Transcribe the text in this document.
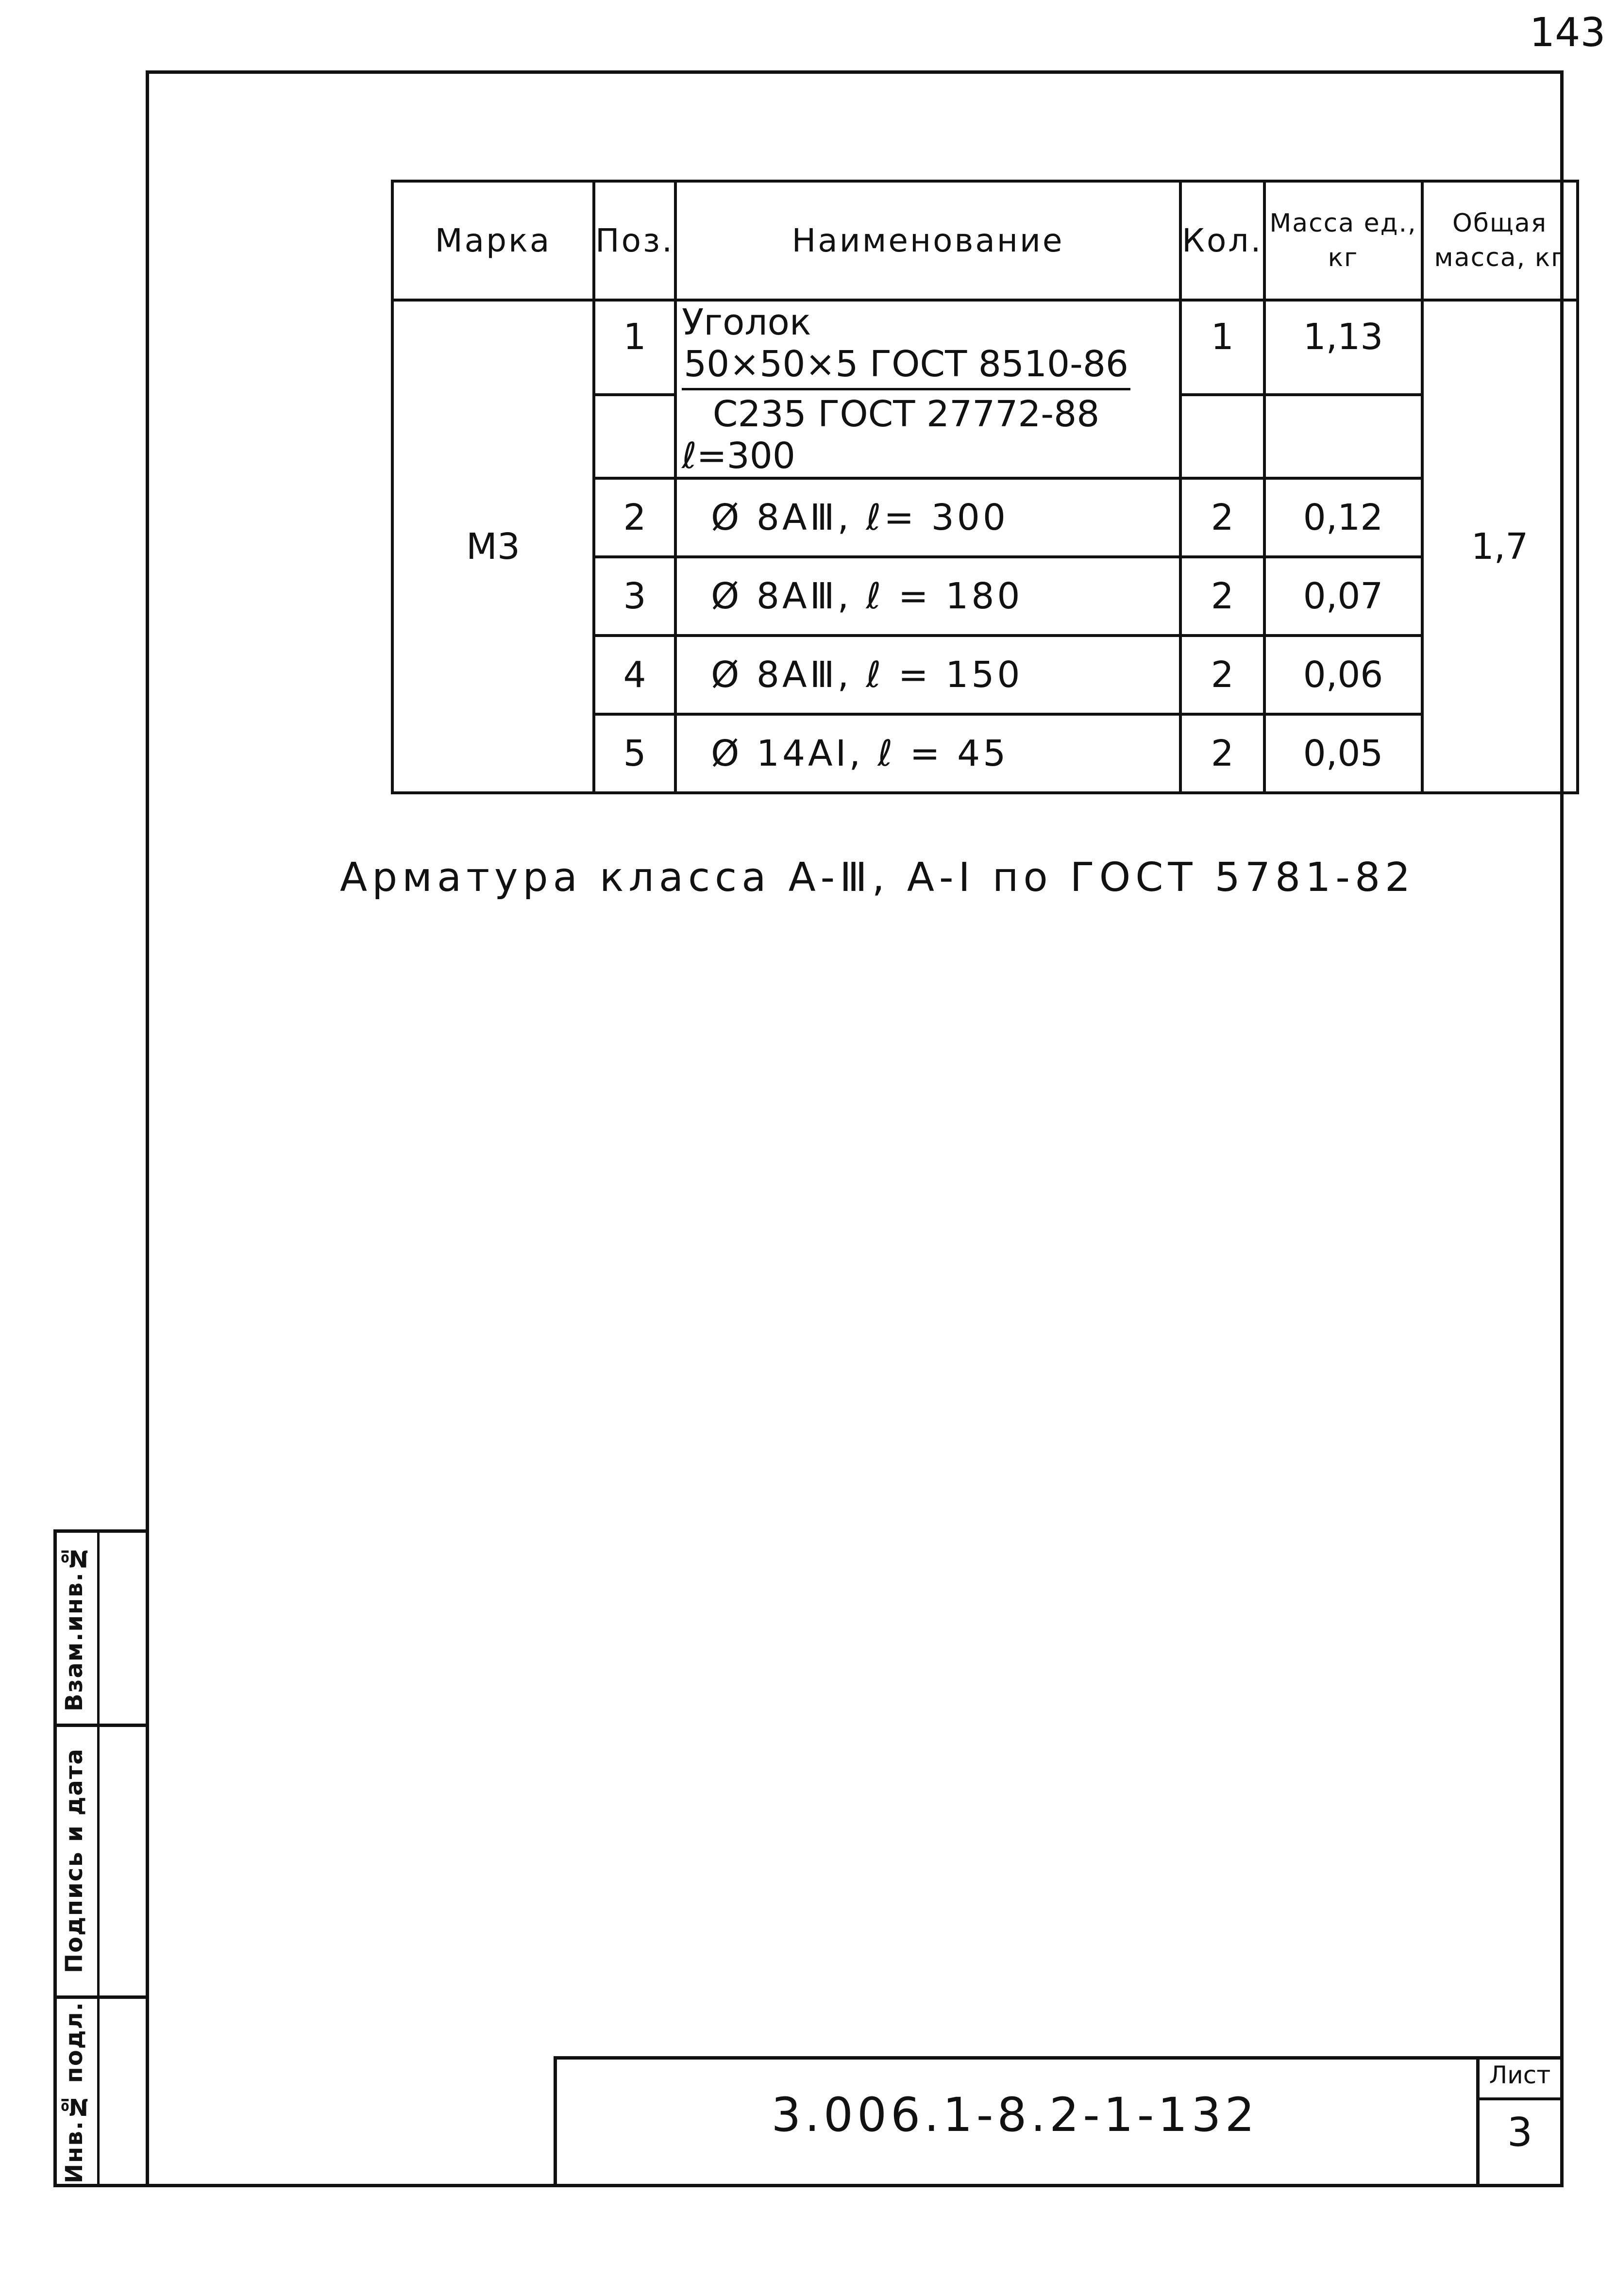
143
Взам.инв.№
Подпись и дата
Инв.№ подл.
Марка	Поз.	Наименование	Кол.	Масса ед., кг	Общая масса, кг
М3	1	Уголок
$\frac{\text{50×50×5 ГОСТ 8510-86}}{\text{С235 ГОСТ 27772-88}}$
ℓ=300	1	1,13	1,7

	2	Ø 8АⅢ, ℓ= 300	2	0,12	
	3	Ø 8АⅢ, ℓ = 180	2	0,07	
	4	Ø 8АⅢ, ℓ = 150	2	0,06	
	5	Ø 14АI, ℓ = 45	2	0,05	
Арматура класса А-Ⅲ, А-I по ГОСТ 5781-82
3.006.1-8.2-1-132
Лист
3
